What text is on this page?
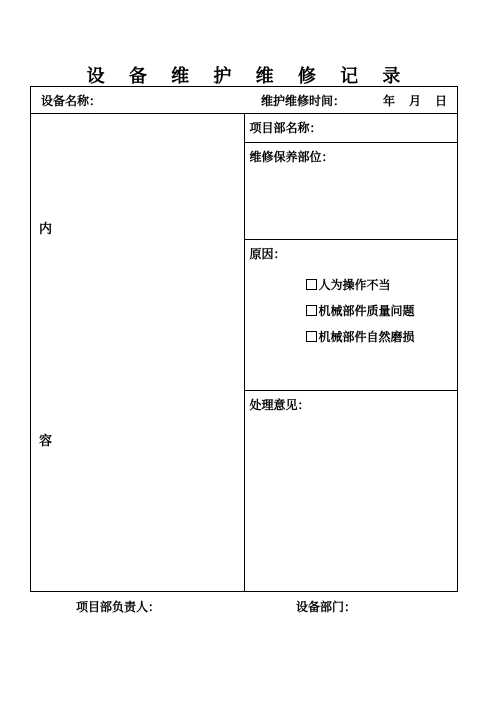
设 备 维 护 维 修 记 录
设备名称：	维护维修时间：	年 月 日

内
容

项目部名称：

维修保养部位：

原因：
人为操作不当
机械部件质量问题
机械部件自然磨损

处理意见：
项目部负责人：	设备部门：
